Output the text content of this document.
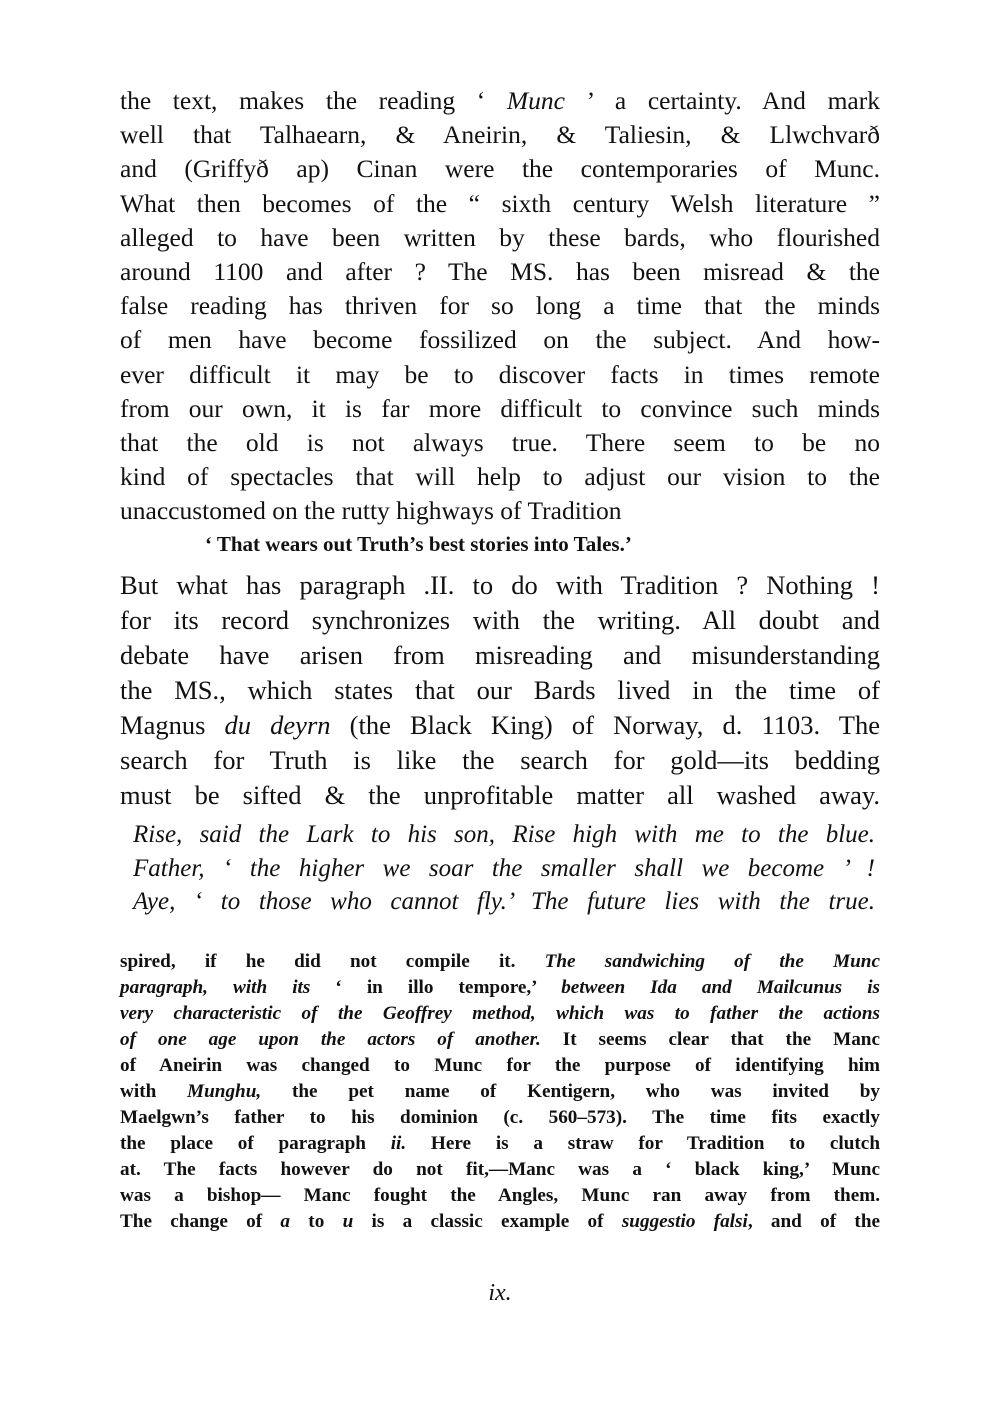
the text, makes the reading ‘ Munc ’ a certainty. And mark
well that Talhaearn, & Aneirin, & Taliesin, & Llwchvarð
and (Griffyð ap) Cinan were the contemporaries of Munc.
What then becomes of the “ sixth century Welsh literature ”
alleged to have been written by these bards, who flourished
around 1100 and after ? The MS. has been misread & the
false reading has thriven for so long a time that the minds
of men have become fossilized on the subject. And how-
ever difficult it may be to discover facts in times remote
from our own, it is far more difficult to convince such minds
that the old is not always true. There seem to be no
kind of spectacles that will help to adjust our vision to the
unaccustomed on the rutty highways of Tradition
‘ That wears out Truth’s best stories into Tales.’
But what has paragraph .II. to do with Tradition ? Nothing !
for its record synchronizes with the writing. All doubt and
debate have arisen from misreading and misunderstanding
the MS., which states that our Bards lived in the time of
Magnus du deyrn (the Black King) of Norway, d. 1103. The
search for Truth is like the search for gold—its bedding
must be sifted & the unprofitable matter all washed away.
Rise, said the Lark to his son, Rise high with me to the blue.
Father, ‘ the higher we soar the smaller shall we become ’ !
Aye, ‘ to those who cannot fly.’ The future lies with the true.
spired, if he did not compile it. The sandwiching of the Munc
paragraph, with its ‘ in illo tempore,’ between Ida and Mailcunus is
very characteristic of the Geoffrey method, which was to father the actions
of one age upon the actors of another. It seems clear that the Manc
of Aneirin was changed to Munc for the purpose of identifying him
with Munghu, the pet name of Kentigern, who was invited by
Maelgwn’s father to his dominion (c. 560–573). The time fits exactly
the place of paragraph ii. Here is a straw for Tradition to clutch
at. The facts however do not fit,—Manc was a ‘ black king,’ Munc
was a bishop— Manc fought the Angles, Munc ran away from them.
The change of a to u is a classic example of suggestio falsi, and of the
ix.
